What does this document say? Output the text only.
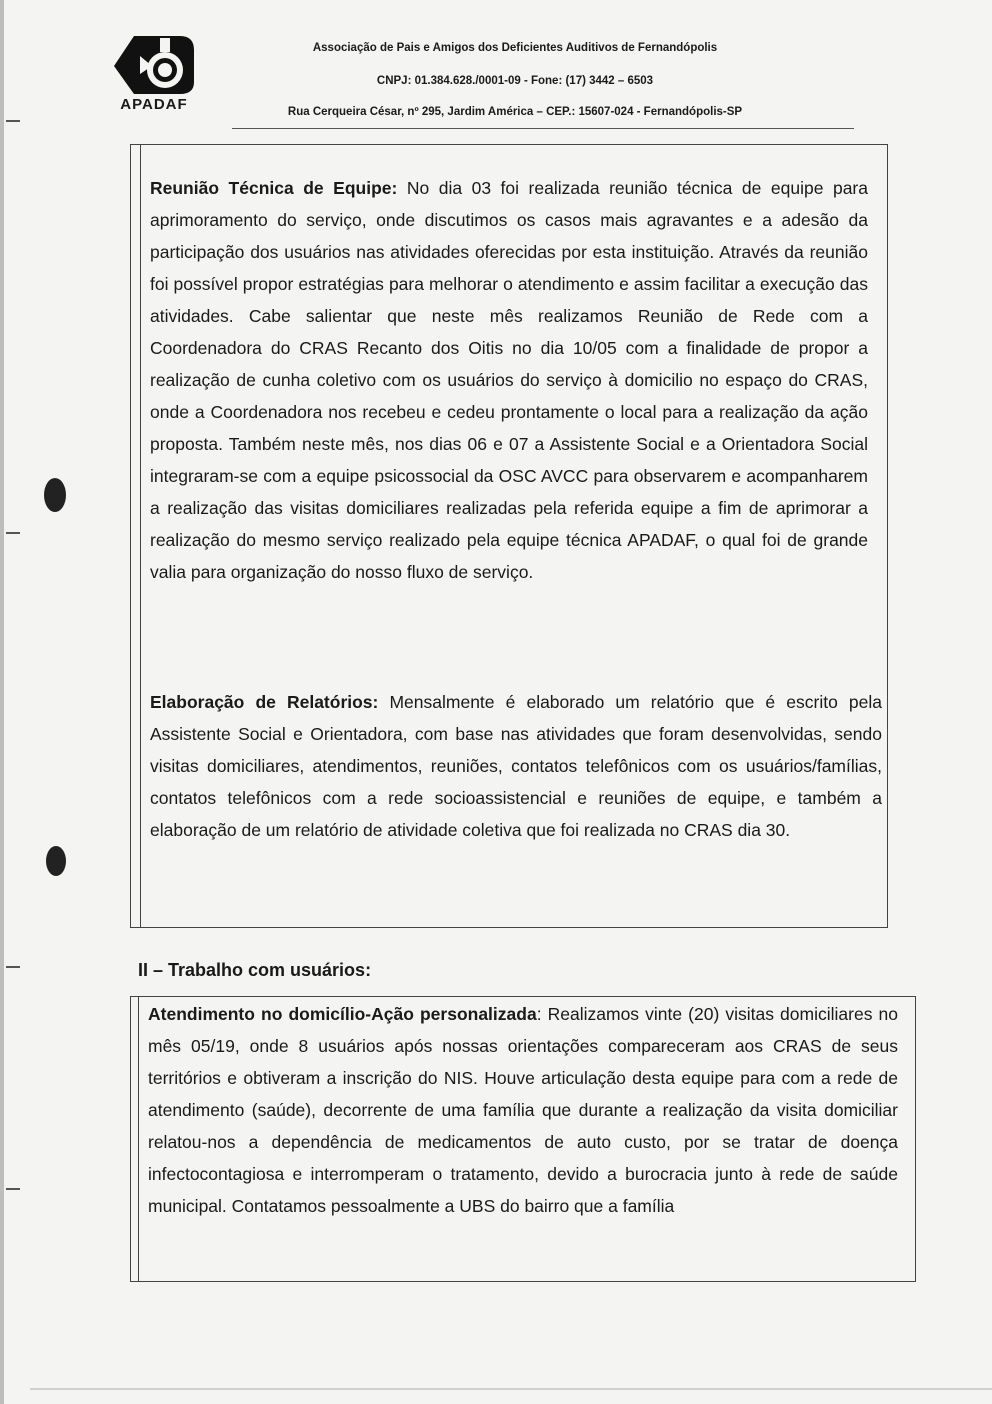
APADAF
Associação de Pais e Amigos dos Deficientes Auditivos de Fernandópolis
CNPJ: 01.384.628./0001-09 - Fone: (17) 3442 – 6503
Rua Cerqueira César, nº 295, Jardim América – CEP.: 15607-024 - Fernandópolis-SP

Reunião Técnica de Equipe: No dia 03 foi realizada reunião técnica de equipe para aprimoramento do serviço, onde discutimos os casos mais agravantes e a adesão da participação dos usuários nas atividades oferecidas por esta instituição. Através da reunião foi possível propor estratégias para melhorar o atendimento e assim facilitar a execução das atividades. Cabe salientar que neste mês realizamos Reunião de Rede com a Coordenadora do CRAS Recanto dos Oitis no dia 10/05 com a finalidade de propor a realização de cunha coletivo com os usuários do serviço à domicilio no espaço do CRAS, onde a Coordenadora nos recebeu e cedeu prontamente o local para a realização da ação proposta. Também neste mês, nos dias 06 e 07 a Assistente Social e a Orientadora Social integraram-se com a equipe psicossocial da OSC AVCC para observarem e acompanharem a realização das visitas domiciliares realizadas pela referida equipe a fim de aprimorar a realização do mesmo serviço realizado pela equipe técnica APADAF, o qual foi de grande valia para organização do nosso fluxo de serviço.

Elaboração de Relatórios: Mensalmente é elaborado um relatório que é escrito pela Assistente Social e Orientadora, com base nas atividades que foram desenvolvidas, sendo visitas domiciliares, atendimentos, reuniões, contatos telefônicos com os usuários/famílias, contatos telefônicos com a rede socioassistencial e reuniões de equipe, e também a elaboração de um relatório de atividade coletiva que foi realizada no CRAS dia 30.

II – Trabalho com usuários:

Atendimento no domicílio-Ação personalizada: Realizamos vinte (20) visitas domiciliares no mês 05/19, onde 8 usuários após nossas orientações compareceram aos CRAS de seus territórios e obtiveram a inscrição do NIS. Houve articulação desta equipe para com a rede de atendimento (saúde), decorrente de uma família que durante a realização da visita domiciliar relatou-nos a dependência de medicamentos de auto custo, por se tratar de doença infectocontagiosa e interromperam o tratamento, devido a burocracia junto à rede de saúde municipal. Contatamos pessoalmente a UBS do bairro que a família
